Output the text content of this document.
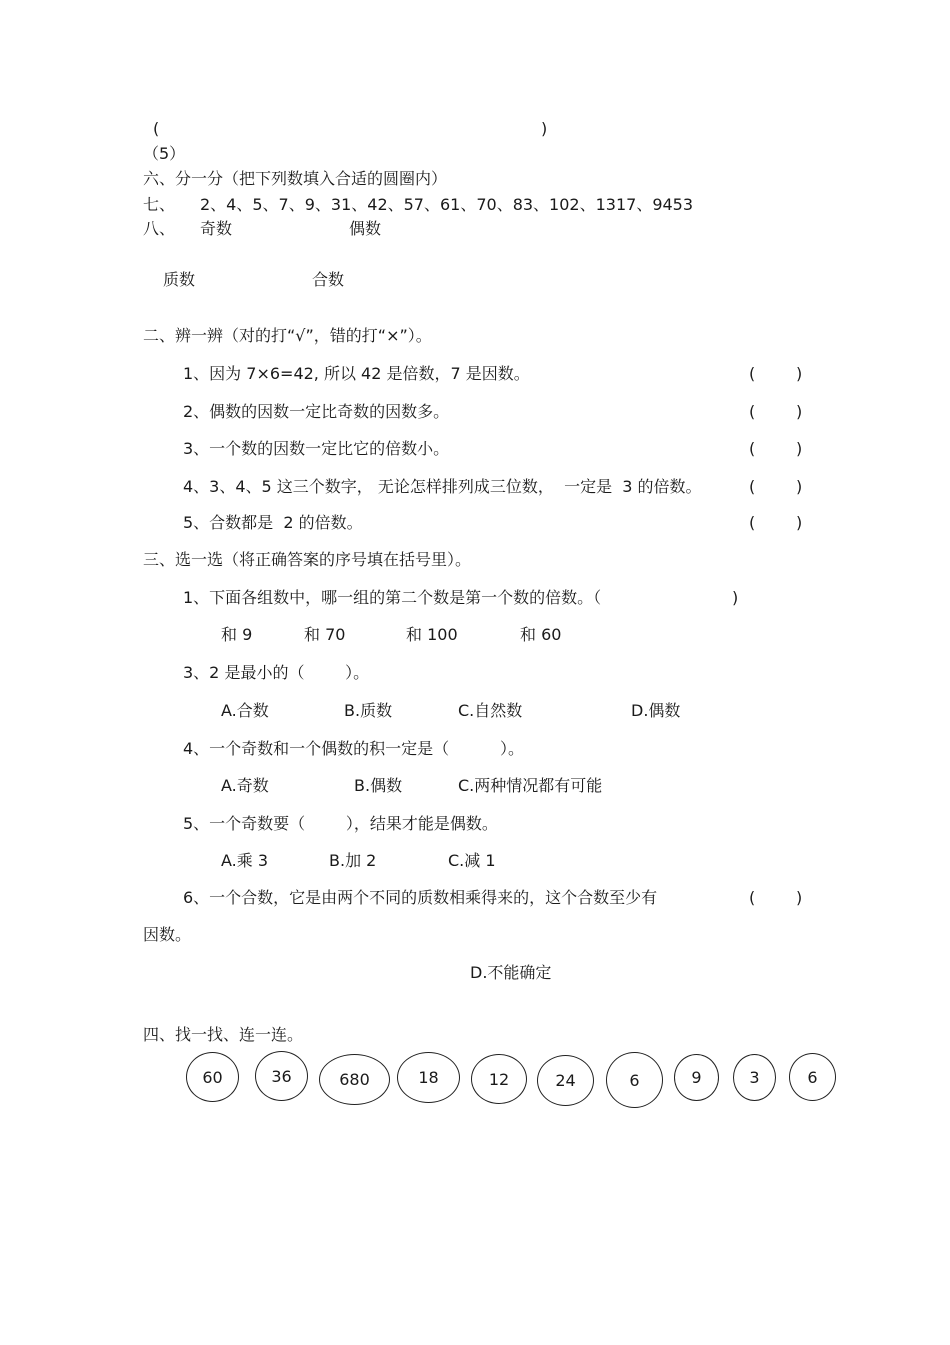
(	)
（5）
六、分一分（把下列数填入合适的圆圈内）
七、 2、4、5、7、9、31、42、57、61、70、83、102、1317、9453
八、 奇数	偶数
质数	合数
二、辨一辨（对的打“√”，错的打“×”）。
1、因为 7×6=42, 所以 42 是倍数，7 是因数。	(	)
2、偶数的因数一定比奇数的因数多。	(	)
3、一个数的因数一定比它的倍数小。	(	)
4、3、4、5 这三个数字， 无论怎样排列成三位数，  一定是  3 的倍数。	(	)
5、合数都是  2 的倍数。	(	)
三、选一选（将正确答案的序号填在括号里）。
1、下面各组数中，哪一组的第二个数是第一个数的倍数。（	)
和 9	和 70	和 100	和 60
3、2 是最小的（        ）。
A.合数	B.质数	C.自然数	D.偶数
4、一个奇数和一个偶数的积一定是（          ）。
A.奇数	B.偶数	C.两种情况都有可能
5、一个奇数要（        ），结果才能是偶数。
A.乘 3	B.加 2	C.减 1
6、一个合数，它是由两个不同的质数相乘得来的，这个合数至少有	(	)
因数。
D.不能确定
四、找一找、连一连。
60	36	680	18	12	24	6	9	3	6
